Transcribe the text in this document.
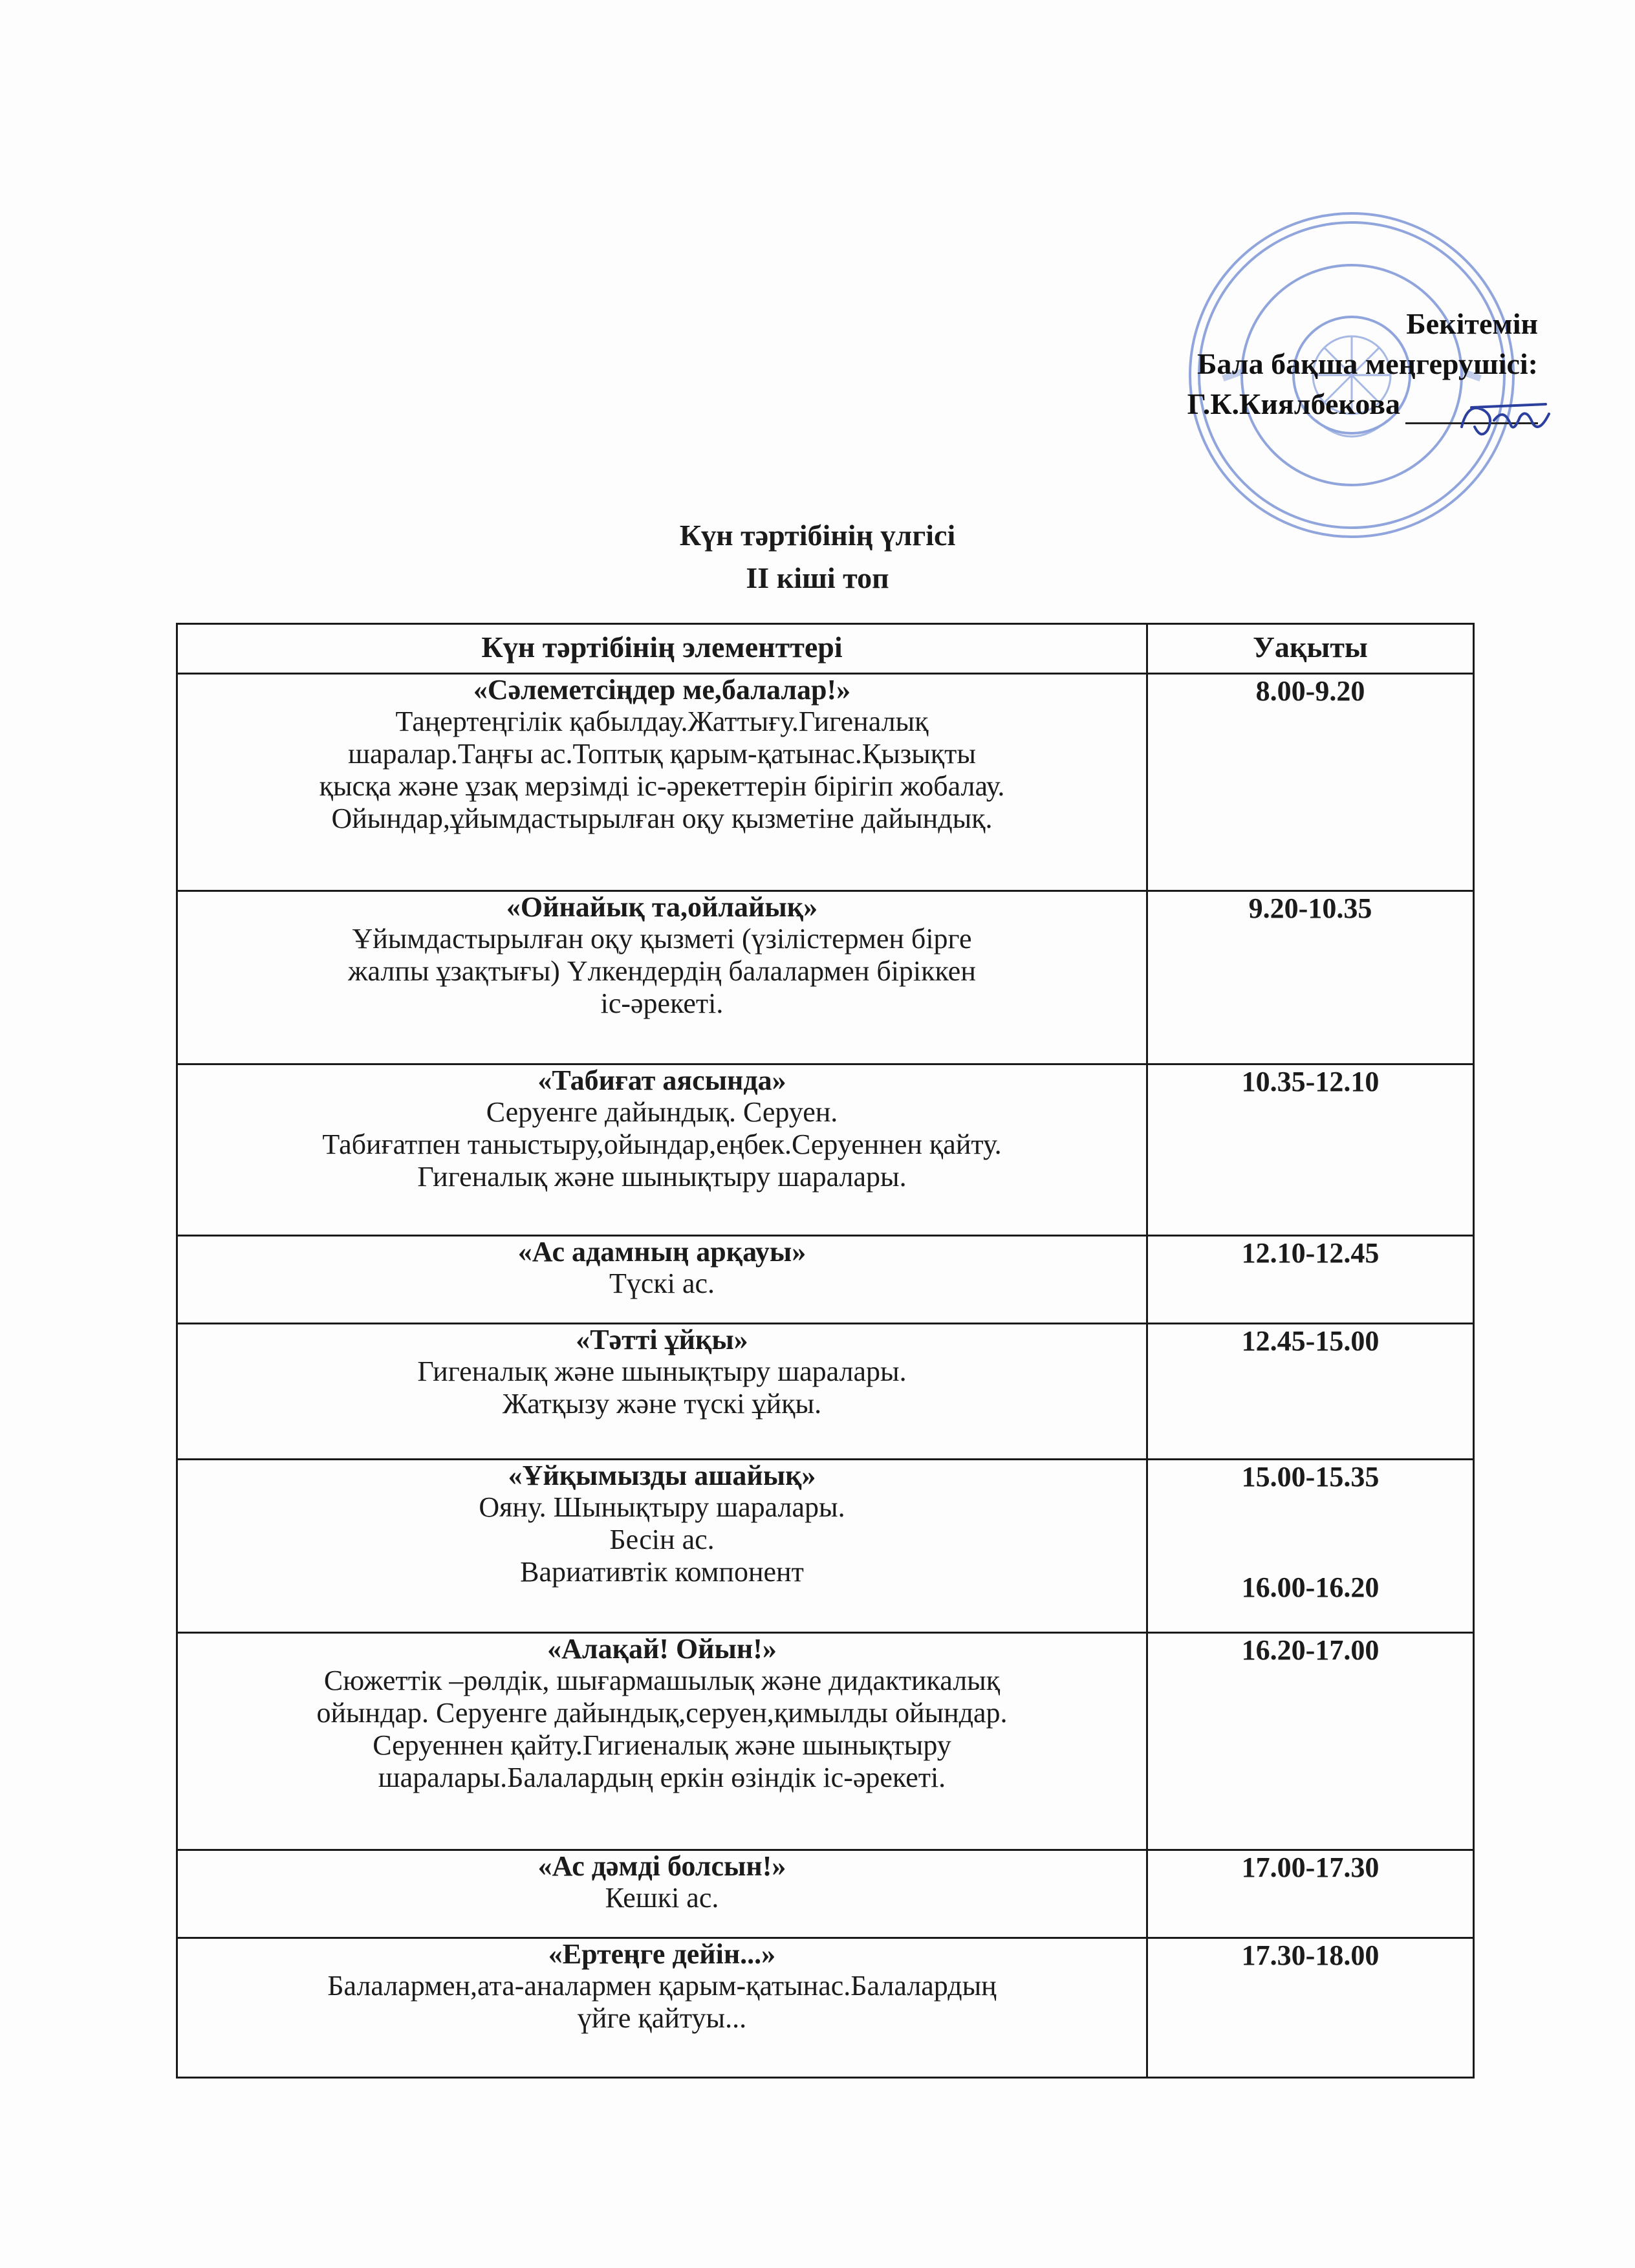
Бекітемін
Бала бақша меңгерушісі:
Г.К.Киялбекова
Күн тәртібінің үлгісі
ІІ кіші топ
Күн тәртібінің элементтері	Уақыты

«Сәлеметсіңдер ме,балалар!»
Таңертеңгілік қабылдау.Жаттығу.Гигеналық
шаралар.Таңғы ас.Топтық қарым-қатынас.Қызықты
қысқа және ұзақ мерзімді іс-әрекеттерін бірігіп жобалау.
Ойындар,ұйымдастырылған оқу қызметіне дайындық.	8.00-9.20

«Ойнайық та,ойлайық»
Ұйымдастырылған оқу қызметі (үзілістермен бірге
жалпы ұзақтығы) Үлкендердің балалармен біріккен
іс-әрекеті.	9.20-10.35

«Табиғат аясында»
Серуенге дайындық. Серуен.
Табиғатпен таныстыру,ойындар,еңбек.Серуеннен қайту.
Гигеналық және шынықтыру шаралары.	10.35-12.10

«Ас адамның арқауы»
Түскі ас.	12.10-12.45

«Тәтті ұйқы»
Гигеналық және шынықтыру шаралары.
Жатқызу және түскі ұйқы.	12.45-15.00

«Ұйқымызды ашайық»
Ояну. Шынықтыру шаралары.
Бесін ас.
Вариативтік компонент	15.00-15.35
16.00-16.20

«Алақай! Ойын!»
Сюжеттік –рөлдік, шығармашылық және дидактикалық
ойындар. Серуенге дайындық,серуен,қимылды ойындар.
Серуеннен қайту.Гигиеналық және шынықтыру
шаралары.Балалардың еркін өзіндік іс-әрекеті.	16.20-17.00

«Ас дәмді болсын!»
Кешкі ас.	17.00-17.30

«Ертеңге дейін...»
Балалармен,ата-аналармен қарым-қатынас.Балалардың
үйге қайтуы...	17.30-18.00
